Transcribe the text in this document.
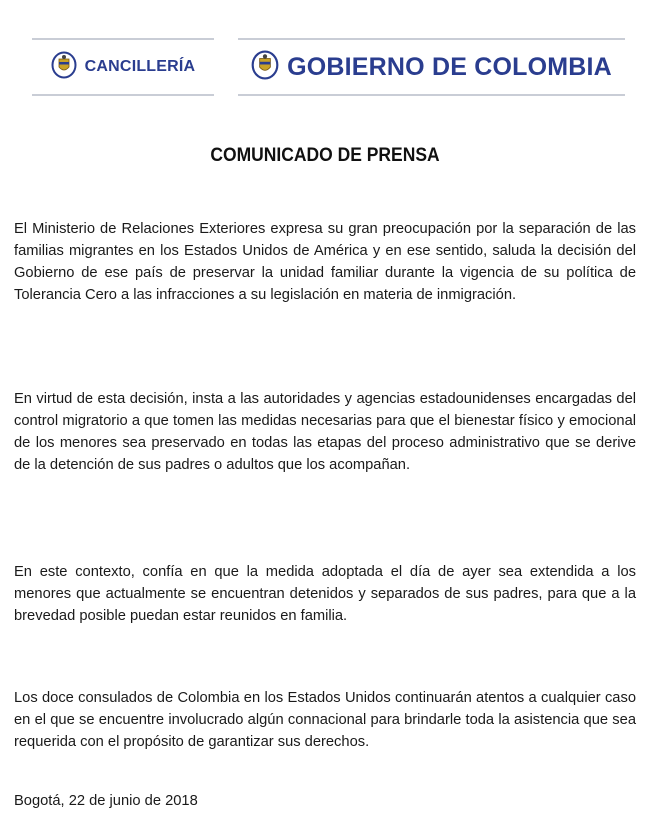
CANCILLERÍA	GOBIERNO DE COLOMBIA
COMUNICADO DE PRENSA

El Ministerio de Relaciones Exteriores expresa su gran preocupación por la separación de las familias migrantes en los Estados Unidos de América y en ese sentido, saluda la decisión del Gobierno de ese país de preservar la unidad familiar durante la vigencia de su política de Tolerancia Cero a las infracciones a su legislación en materia de inmigración.

En virtud de esta decisión, insta a las autoridades y agencias estadounidenses encargadas del control migratorio a que tomen las medidas necesarias para que el bienestar físico y emocional de los menores sea preservado en todas las etapas del proceso administrativo que se derive de la detención de sus padres o adultos que los acompañan.

En este contexto, confía en que la medida adoptada el día de ayer sea extendida a los menores que actualmente se encuentran detenidos y separados de sus padres, para que a la brevedad posible puedan estar reunidos en familia.

Los doce consulados de Colombia en los Estados Unidos continuarán atentos a cualquier caso en el que se encuentre involucrado algún connacional para brindarle toda la asistencia que sea requerida con el propósito de garantizar sus derechos.

Bogotá, 22 de junio de 2018
